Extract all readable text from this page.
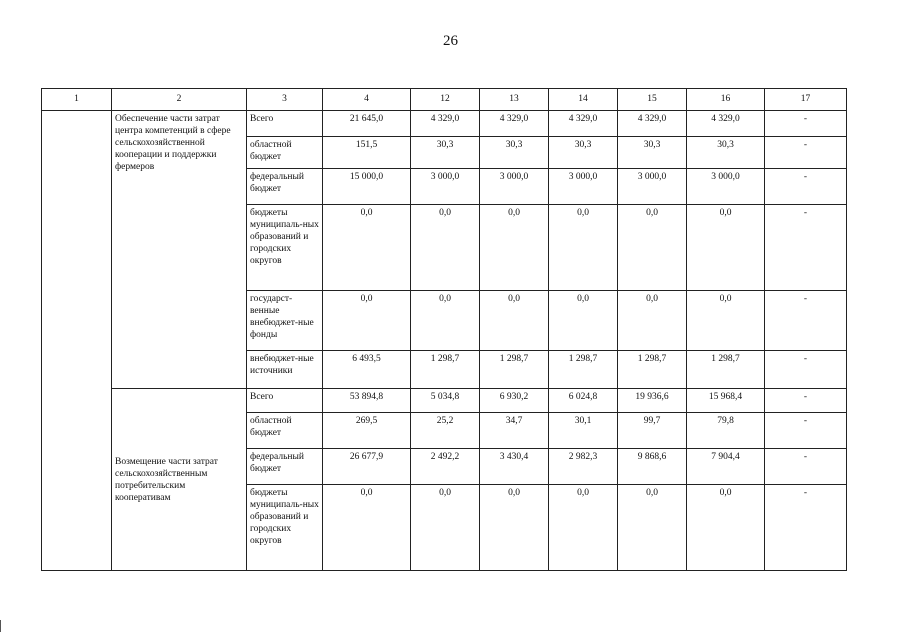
26
1	2	3	4	12	13	14	15	16	17
	Обеспечение части затрат центра компетенций в сфере сельскохозяйственной кооперации и поддержки фермеров	Всего	21 645,0	4 329,0	4 329,0	4 329,0	4 329,0	4 329,0	-
		областной бюджет	151,5	30,3	30,3	30,3	30,3	30,3	-
		федеральный бюджет	15 000,0	3 000,0	3 000,0	3 000,0	3 000,0	3 000,0	-
		бюджеты муниципаль-ных образований и городских округов	0,0	0,0	0,0	0,0	0,0	0,0	-
		государст-венные внебюджет-ные фонды	0,0	0,0	0,0	0,0	0,0	0,0	-
		внебюджет-ные источники	6 493,5	1 298,7	1 298,7	1 298,7	1 298,7	1 298,7	-
	Возмещение части затрат сельскохозяйственным потребительским кооперативам	Всего	53 894,8	5 034,8	6 930,2	6 024,8	19 936,6	15 968,4	-
		областной бюджет	269,5	25,2	34,7	30,1	99,7	79,8	-
		федеральный бюджет	26 677,9	2 492,2	3 430,4	2 982,3	9 868,6	7 904,4	-
		бюджеты муниципаль-ных образований и городских округов	0,0	0,0	0,0	0,0	0,0	0,0	-
